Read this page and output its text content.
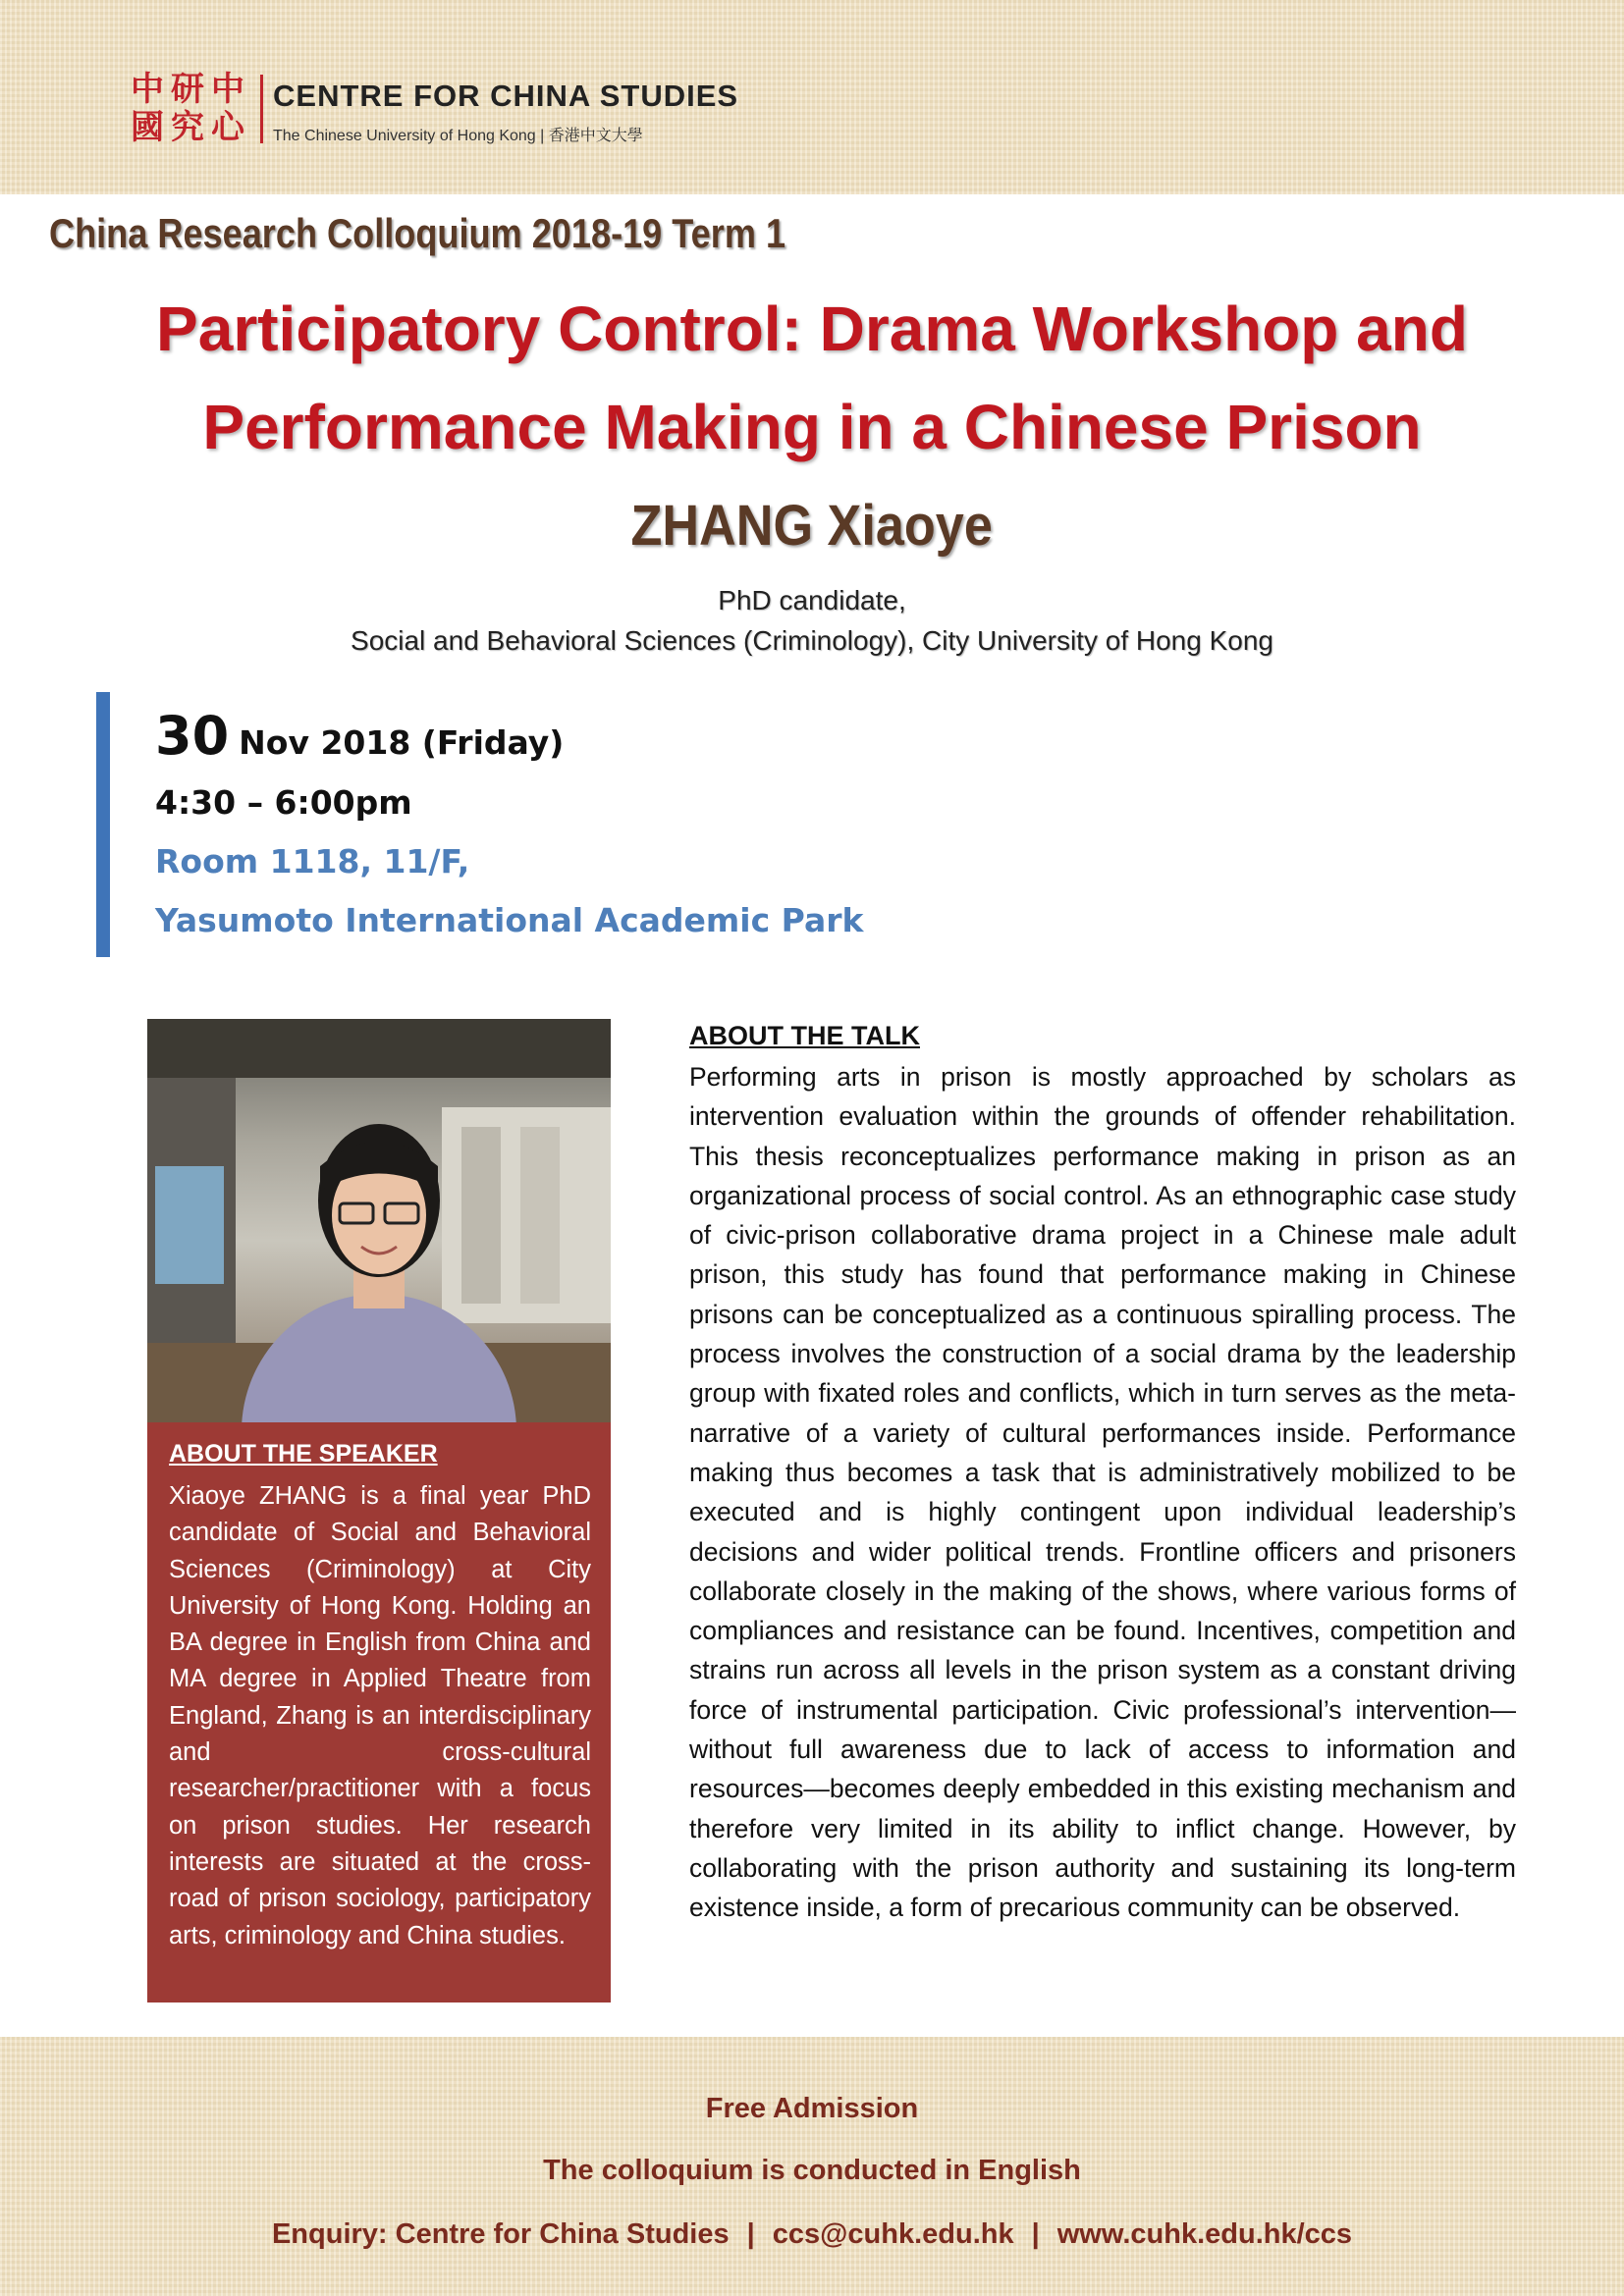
中 研 中
國 究 心
CENTRE FOR CHINA STUDIES
The Chinese University of Hong Kong | 香港中文大學
China Research Colloquium 2018-19 Term 1
Participatory Control: Drama Workshop and
Performance Making in a Chinese Prison
ZHANG Xiaoye
PhD candidate,
Social and Behavioral Sciences (Criminology), City University of Hong Kong
30 Nov 2018 (Friday)
4:30 – 6:00pm
Room 1118, 11/F,
Yasumoto International Academic Park
ABOUT THE SPEAKER
Xiaoye ZHANG is a final year PhD candidate of Social and Behavioral Sciences (Criminology) at City University of Hong Kong. Holding an BA degree in English from China and MA degree in Applied Theatre from England, Zhang is an interdisciplinary and cross-cultural researcher/practitioner with a focus on prison studies. Her research interests are situated at the cross-road of prison sociology, participatory arts, criminology and China studies.
ABOUT THE TALK
Performing arts in prison is mostly approached by scholars as intervention evaluation within the grounds of offender rehabilitation. This thesis reconceptualizes performance making in prison as an organizational process of social control. As an ethnographic case study of civic-prison collaborative drama project in a Chinese male adult prison, this study has found that performance making in Chinese prisons can be conceptualized as a continuous spiralling process. The process involves the construction of a social drama by the leadership group with fixated roles and conflicts, which in turn serves as the meta-narrative of a variety of cultural performances inside. Performance making thus becomes a task that is administratively mobilized to be executed and is highly contingent upon individual leadership’s decisions and wider political trends. Frontline officers and prisoners collaborate closely in the making of the shows, where various forms of compliances and resistance can be found. Incentives, competition and strains run across all levels in the prison system as a constant driving force of instrumental participation. Civic professional’s intervention—without full awareness due to lack of access to information and resources—becomes deeply embedded in this existing mechanism and therefore very limited in its ability to inflict change. However, by collaborating with the prison authority and sustaining its long-term existence inside, a form of precarious community can be observed.
Free Admission
The colloquium is conducted in English
Enquiry: Centre for China Studies | ccs@cuhk.edu.hk | www.cuhk.edu.hk/ccs
